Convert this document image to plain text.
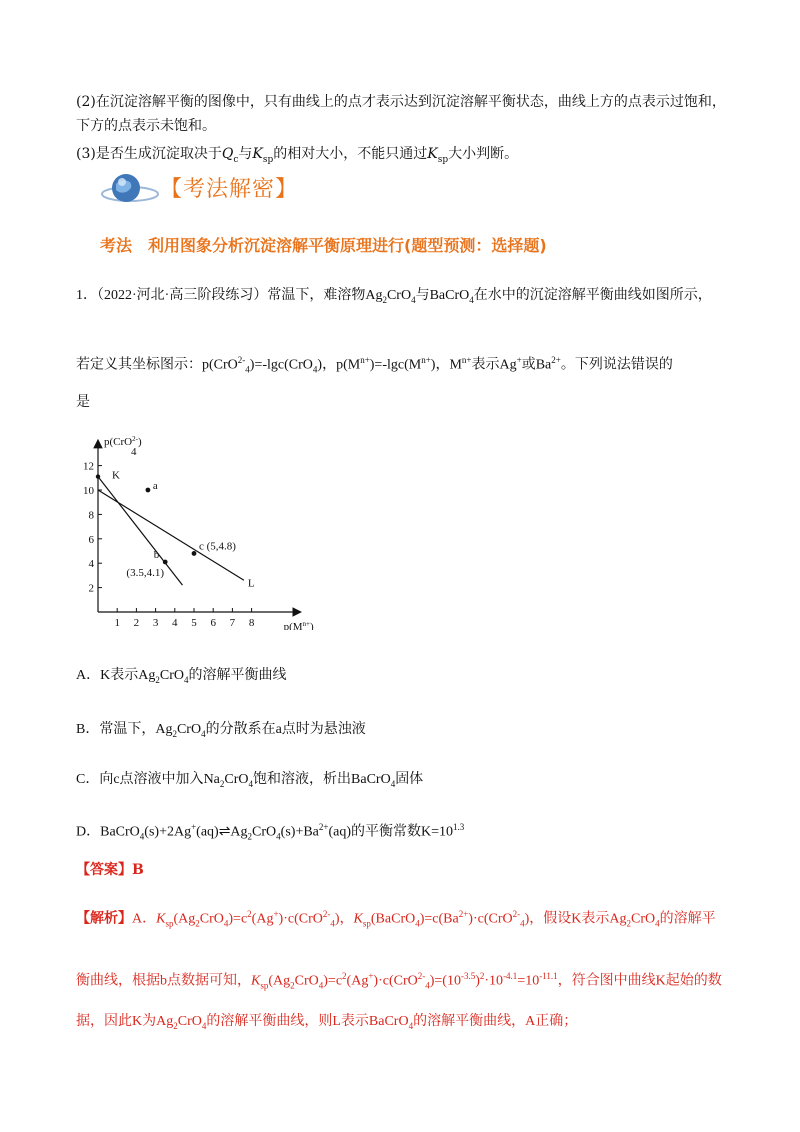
(2)在沉淀溶解平衡的图像中，只有曲线上的点才表示达到沉淀溶解平衡状态，曲线上方的点表示过饱和，下方的点表示未饱和。
(3)是否生成沉淀取决于$Q_c$与$K_{sp}$的相对大小，不能只通过$K_{sp}$大小判断。
【考法解密】
考法　利用图象分析沉淀溶解平衡原理进行(题型预测：选择题)
1．（2022·河北·高三阶段练习）常温下，难溶物$Ag_2CrO_4$与BaCrO$_4$在水中的沉淀溶解平衡曲线如图所示，
若定义其坐标图示：p(CrO$^{2-}_4$)=-lgc(CrO$_4$)，$p(M^{n+})=-\lg c(M^{n+})$，$M^{n+}$表示Ag+或$Ba^{2+}$。下列说法错误的
是
1 2 3 4 5 6 7 8
2
4
6
8
10
12
p(CrO$^{2-}$)
4
$p(M^{n+})$
K
L
a
b
(3.5,4.1)
c (5,4.8)
A．K表示$Ag_2CrO_4$的溶解平衡曲线
B．常温下，$Ag_2CrO_4$的分散系在a点时为悬浊液
C．向c点溶液中加入$Na_2CrO_4$饱和溶液，析出BaCrO$_4$固体
D．$BaCrO_4(s)+2Ag^+(aq)\rightleftharpoons Ag_2CrO_4(s)+Ba^{2+}(aq)$的平衡常数$K=10^{1.3}$
【答案】B
【解析】A．$K_{sp}(Ag_2CrO_4)=c^2(Ag^+)\cdot c(CrO^{2-}_4)$，$K_{sp}(BaCrO_4)=c(Ba^{2+})\cdot c(CrO^{2-}_4)$，假设K表示$Ag_2CrO_4$的溶解平
衡曲线，根据b点数据可知，$K_{sp}(Ag_2CrO_4)=c^2(Ag^+)\cdot c(CrO^{2-}_4)=(10^{-3.5})^2\cdot 10^{-4.1}=10^{-11.1}$，符合图中曲线K起始的数
据，因此K为$Ag_2CrO_4$的溶解平衡曲线，则L表示BaCrO$_4$的溶解平衡曲线，A正确；
